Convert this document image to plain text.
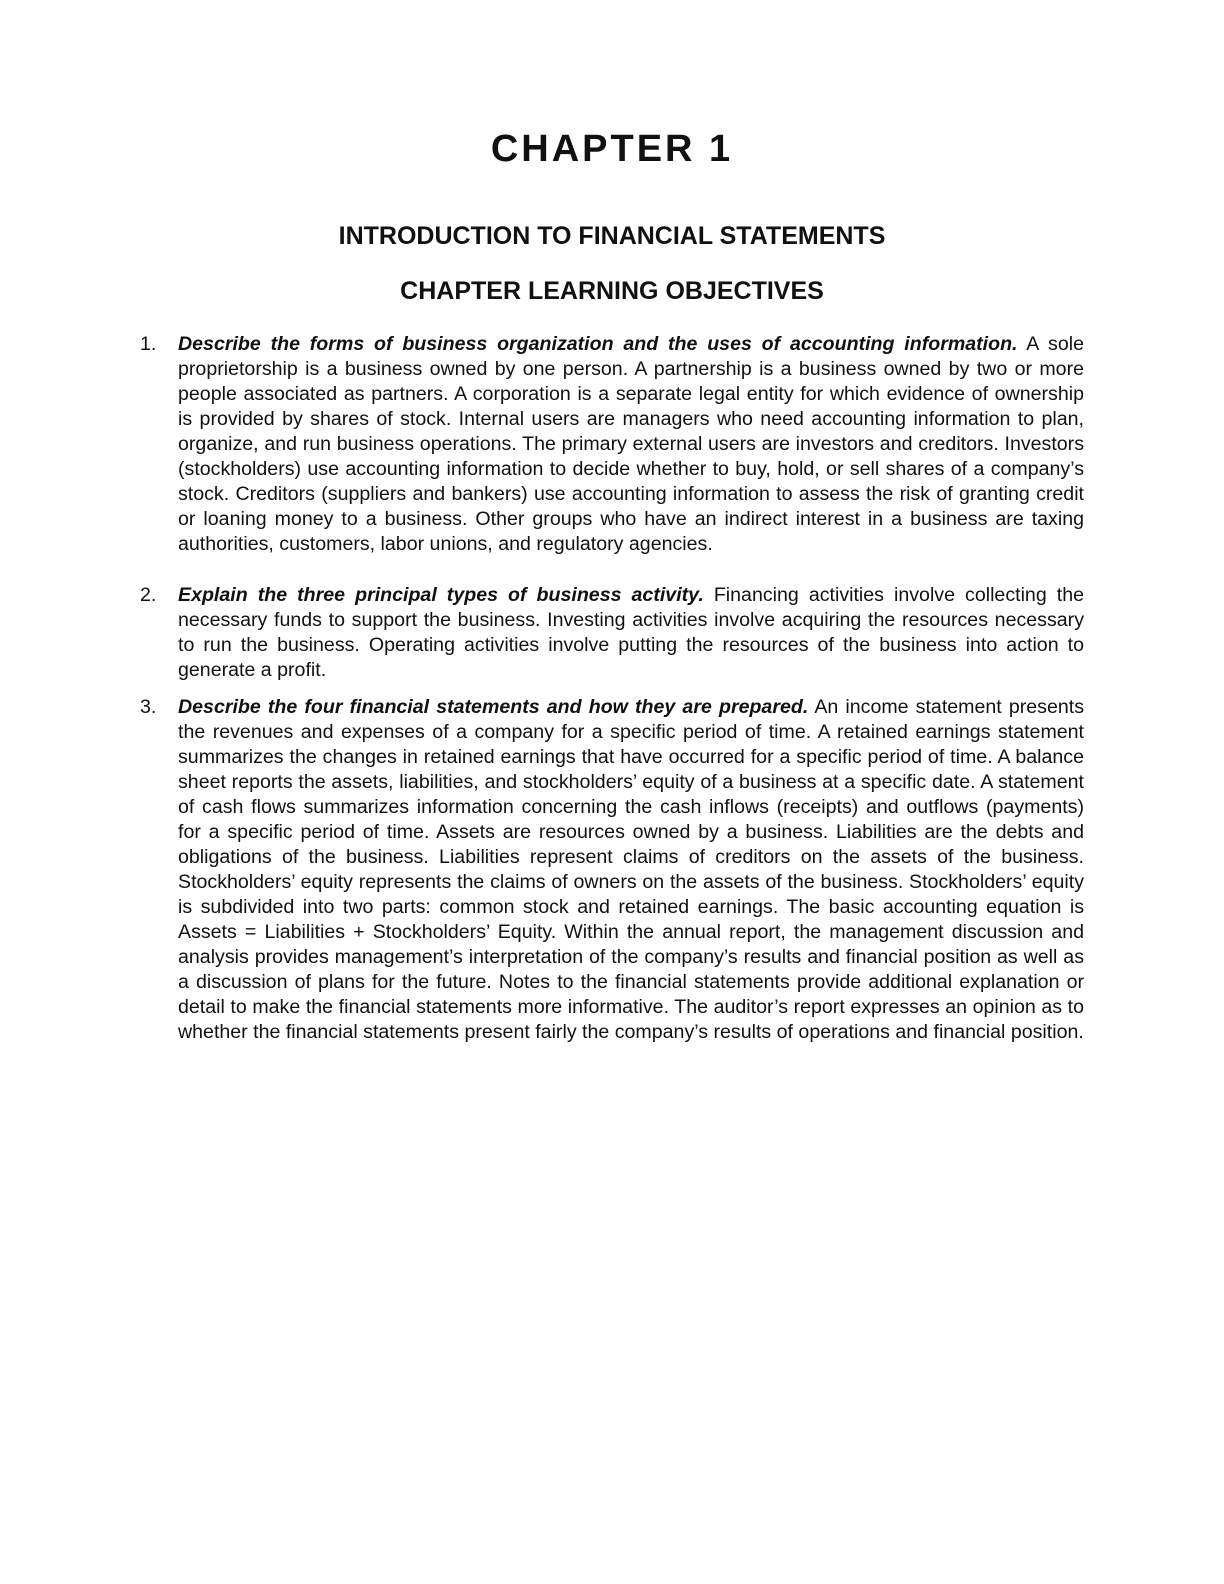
CHAPTER 1
INTRODUCTION TO FINANCIAL STATEMENTS
CHAPTER LEARNING OBJECTIVES
1. Describe the forms of business organization and the uses of accounting information. A sole proprietorship is a business owned by one person. A partnership is a business owned by two or more people associated as partners. A corporation is a separate legal entity for which evidence of ownership is provided by shares of stock. Internal users are managers who need accounting information to plan, organize, and run business operations. The primary external users are investors and creditors. Investors (stockholders) use accounting information to decide whether to buy, hold, or sell shares of a company’s stock. Creditors (suppliers and bankers) use accounting information to assess the risk of granting credit or loaning money to a business. Other groups who have an indirect interest in a business are taxing authorities, customers, labor unions, and regulatory agencies.
2. Explain the three principal types of business activity. Financing activities involve collecting the necessary funds to support the business. Investing activities involve acquiring the resources necessary to run the business. Operating activities involve putting the resources of the business into action to generate a profit.
3. Describe the four financial statements and how they are prepared. An income statement presents the revenues and expenses of a company for a specific period of time. A retained earnings statement summarizes the changes in retained earnings that have occurred for a specific period of time. A balance sheet reports the assets, liabilities, and stockholders’ equity of a business at a specific date. A statement of cash flows summarizes information concerning the cash inflows (receipts) and outflows (payments) for a specific period of time. Assets are resources owned by a business. Liabilities are the debts and obligations of the business. Liabilities represent claims of creditors on the assets of the business. Stockholders’ equity represents the claims of owners on the assets of the business. Stockholders’ equity is subdivided into two parts: common stock and retained earnings. The basic accounting equation is Assets = Liabilities + Stockholders’ Equity. Within the annual report, the management discussion and analysis provides management’s interpretation of the company’s results and financial position as well as a discussion of plans for the future. Notes to the financial statements provide additional explanation or detail to make the financial statements more informative. The auditor’s report expresses an opinion as to whether the financial statements present fairly the company’s results of operations and financial position.
